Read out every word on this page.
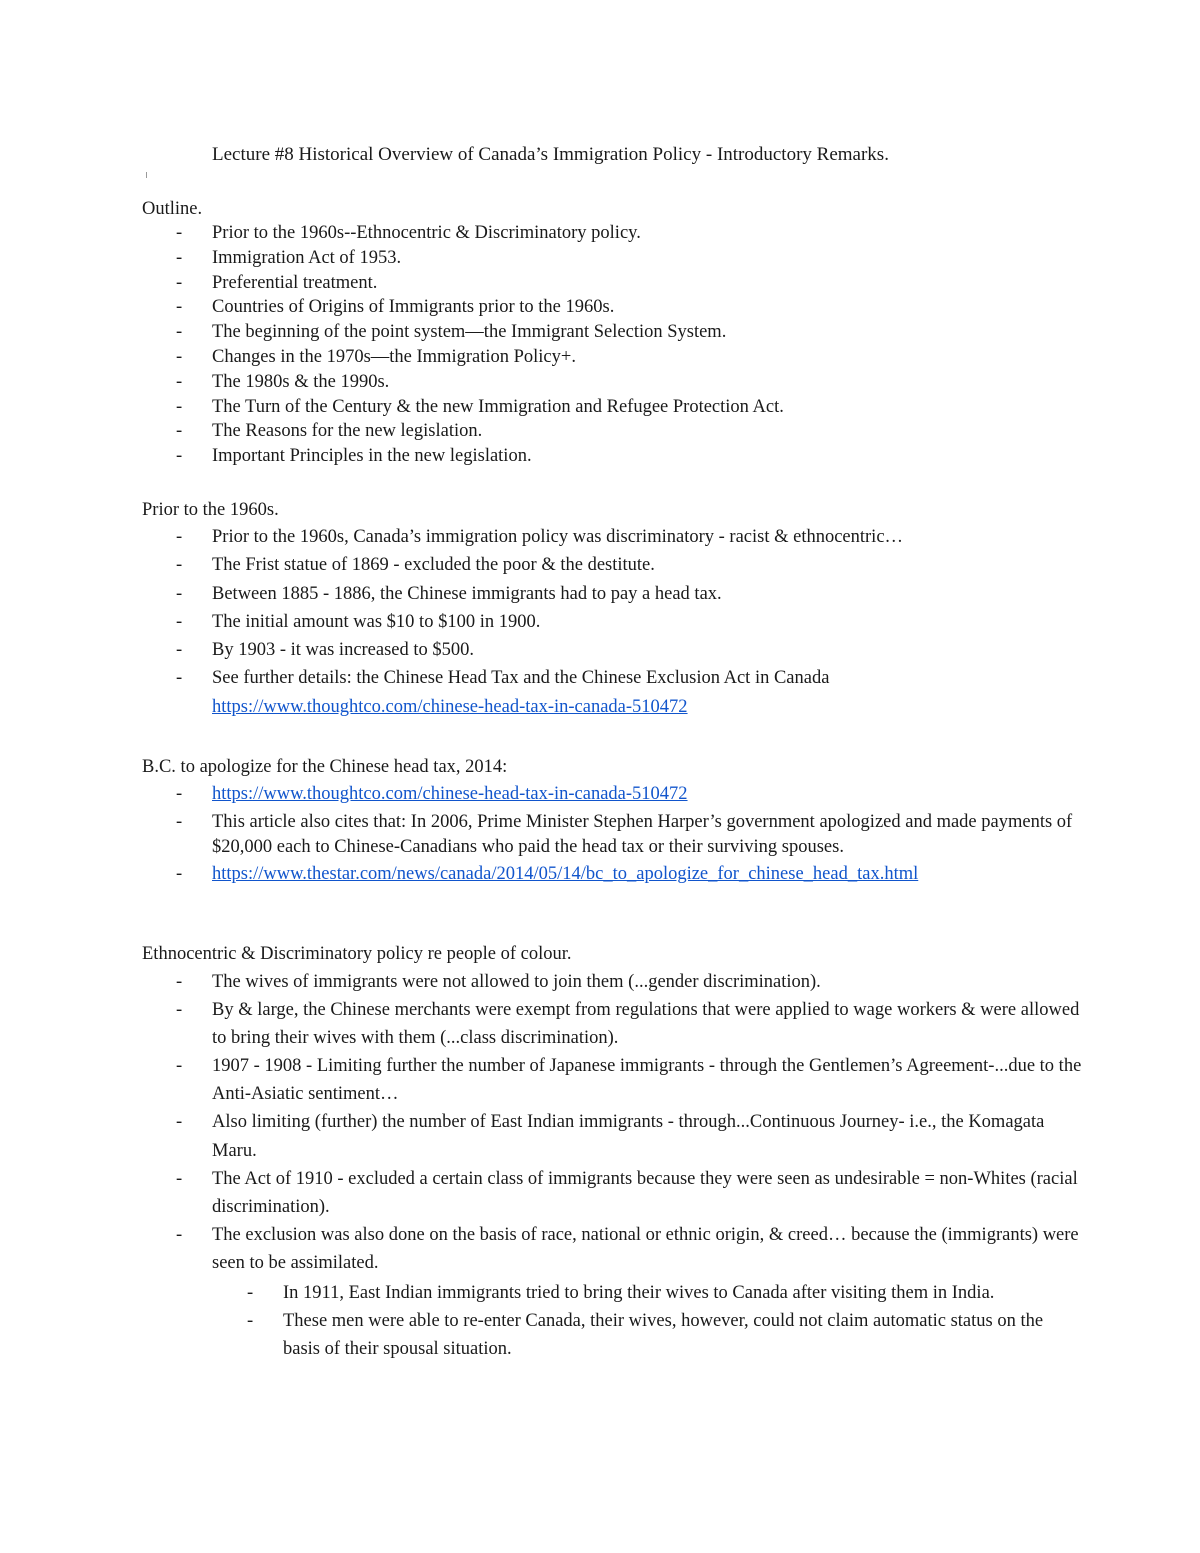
Lecture #8 Historical Overview of Canada’s Immigration Policy - Introductory Remarks.
Outline.
- Prior to the 1960s--Ethnocentric & Discriminatory policy.
- Immigration Act of 1953.
- Preferential treatment.
- Countries of Origins of Immigrants prior to the 1960s.
- The beginning of the point system—the Immigrant Selection System.
- Changes in the 1970s—the Immigration Policy+.
- The 1980s & the 1990s.
- The Turn of the Century & the new Immigration and Refugee Protection Act.
- The Reasons for the new legislation.
- Important Principles in the new legislation.
Prior to the 1960s.
- Prior to the 1960s, Canada’s immigration policy was discriminatory - racist & ethnocentric…
- The Frist statue of 1869 - excluded the poor & the destitute.
- Between 1885 - 1886, the Chinese immigrants had to pay a head tax.
- The initial amount was $10 to $100 in 1900.
- By 1903 - it was increased to $500.
- See further details: the Chinese Head Tax and the Chinese Exclusion Act in Canada
https://www.thoughtco.com/chinese-head-tax-in-canada-510472
B.C. to apologize for the Chinese head tax, 2014:
- https://www.thoughtco.com/chinese-head-tax-in-canada-510472
- This article also cites that: In 2006, Prime Minister Stephen Harper’s government apologized and made payments of $20,000 each to Chinese-Canadians who paid the head tax or their surviving spouses.
- https://www.thestar.com/news/canada/2014/05/14/bc_to_apologize_for_chinese_head_tax.html
Ethnocentric & Discriminatory policy re people of colour.
- The wives of immigrants were not allowed to join them (...gender discrimination).
- By & large, the Chinese merchants were exempt from regulations that were applied to wage workers & were allowed to bring their wives with them (...class discrimination).
- 1907 - 1908 - Limiting further the number of Japanese immigrants - through the Gentlemen’s Agreement-...due to the Anti-Asiatic sentiment…
- Also limiting (further) the number of East Indian immigrants - through...Continuous Journey- i.e., the Komagata Maru.
- The Act of 1910 - excluded a certain class of immigrants because they were seen as undesirable = non-Whites (racial discrimination).
- The exclusion was also done on the basis of race, national or ethnic origin, & creed… because the (immigrants) were seen to be assimilated.
- In 1911, East Indian immigrants tried to bring their wives to Canada after visiting them in India.
- These men were able to re-enter Canada, their wives, however, could not claim automatic status on the basis of their spousal situation.
